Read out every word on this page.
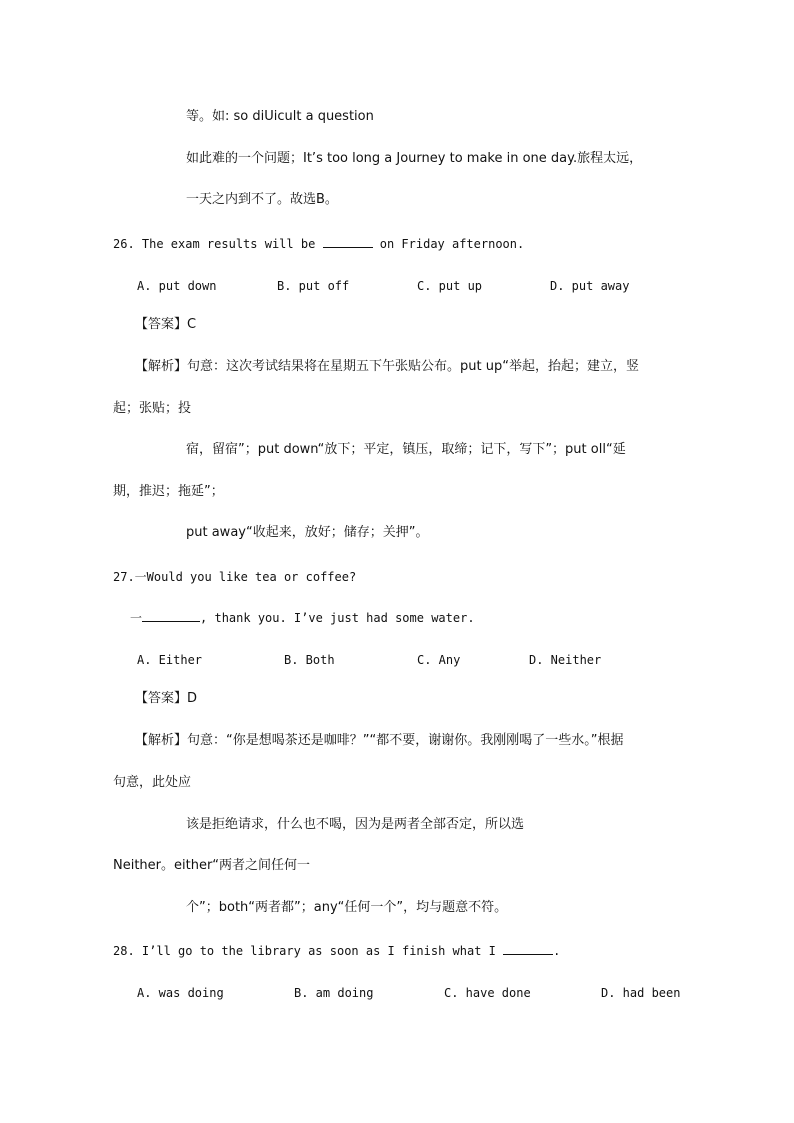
等。如: so diUicult a question
如此难的一个问题；It’s too long a Journey to make in one day.旅程太远，
一天之内到不了。故选B。
26. The exam results will be	on Friday afternoon.
A. put down	B. put off	C. put up	D. put away
【答案】C
【解析】句意：这次考试结果将在星期五下午张贴公布。put up“举起，抬起；建立，竖
起；张贴；投
宿，留宿”；put down“放下；平定，镇压，取缔；记下，写下”；put oll“延
期，推迟；拖延”；
put away“收起来，放好；储存；关押”。
27.一Would you like tea or coffee?
一	, thank you. I’ve just had some water.
A. Either	B. Both	C. Any	D. Neither
【答案】D
【解析】句意：“你是想喝茶还是咖啡？”“都不要，谢谢你。我刚刚喝了一些水。”根据
句意，此处应
该是拒绝请求，什么也不喝，因为是两者全部否定，所以选
Neither。either“两者之间任何一
个”；both“两者都”；any“任何一个”，均与题意不符。
28. I’ll go to the library as soon as I finish what I	.
A. was doing	B. am doing	C. have done	D. had been
